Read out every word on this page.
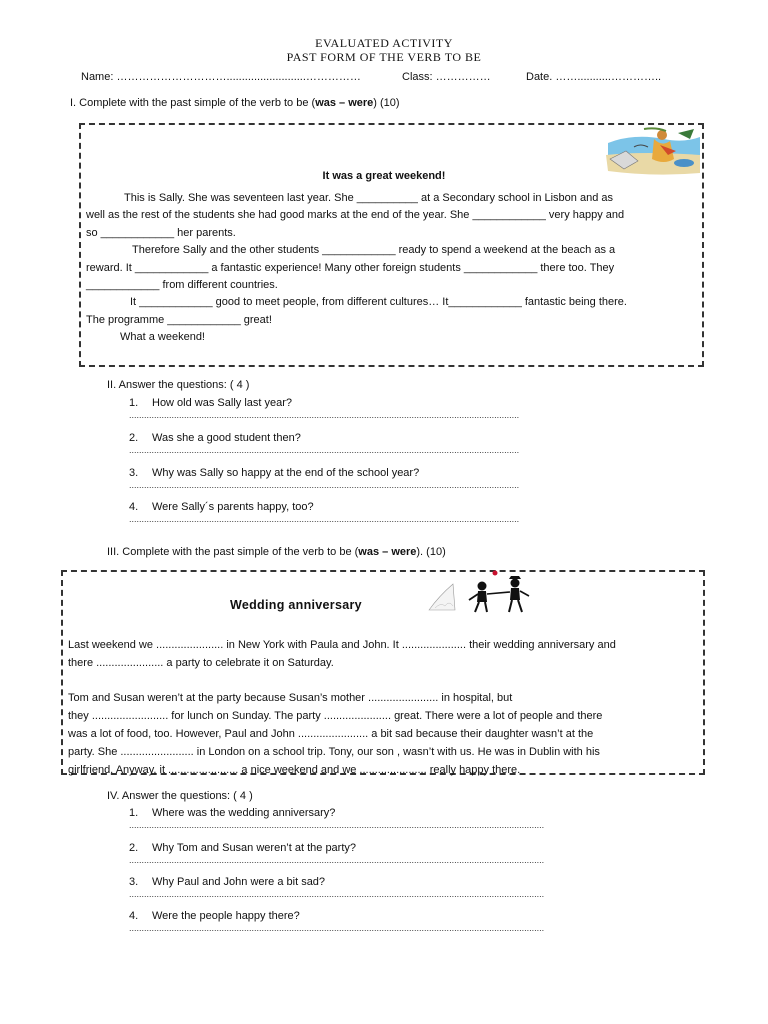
EVALUATED ACTIVITY
PAST FORM OF THE VERB TO BE
Name: …………………………..........................……………	Class: ……………	Date. ……...........…………..
I. Complete with the past simple of the verb to be (was – were) (10)
It was a great weekend!

This is Sally. She was seventeen last year. She __________ at a Secondary school in Lisbon and as

well as the rest of the students she had good marks at the end of the year. She ____________ very happy and

so ____________ her parents.

Therefore Sally and the other students ____________ ready to spend a weekend at the beach as a

reward. It ____________ a fantastic experience! Many other foreign students ____________ there too. They

____________ from different countries.

It ____________ good to meet people, from different cultures… It____________ fantastic being there.

The programme ____________ great!

What a weekend!

II. Answer the questions: ( 4 )
1. How old was Sally last year?
............................................................................................................................................................
2. Was she a good student then?
............................................................................................................................................................
3. Why was Sally so happy at the end of the school year?
............................................................................................................................................................
4. Were Sally´s parents happy, too?
............................................................................................................................................................
III. Complete with the past simple of the verb to be (was – were). (10)
Wedding anniversary

Last weekend we ...................... in New York with Paula and John. It ..................... their wedding anniversary and

there ...................... a party to celebrate it on Saturday.

Tom and Susan weren’t at the party because Susan’s mother ....................... in hospital, but

they ......................... for lunch on Sunday. The party ...................... great. There were a lot of people and there

was a lot of food, too. However, Paul and John ....................... a bit sad because their daughter wasn’t at the

party. She ........................ in London on a school trip. Tony, our son , wasn’t with us. He was in Dublin with his

girlfriend. Anyway, it ....................... a nice weekend and we ...................... really happy there.

IV. Answer the questions: ( 4 )
1. Where was the wedding anniversary?
......................................................................................................................................................................
2. Why Tom and Susan weren’t at the party?
......................................................................................................................................................................
3. Why Paul and John were a bit sad?
......................................................................................................................................................................
4. Were the people happy there?
......................................................................................................................................................................
